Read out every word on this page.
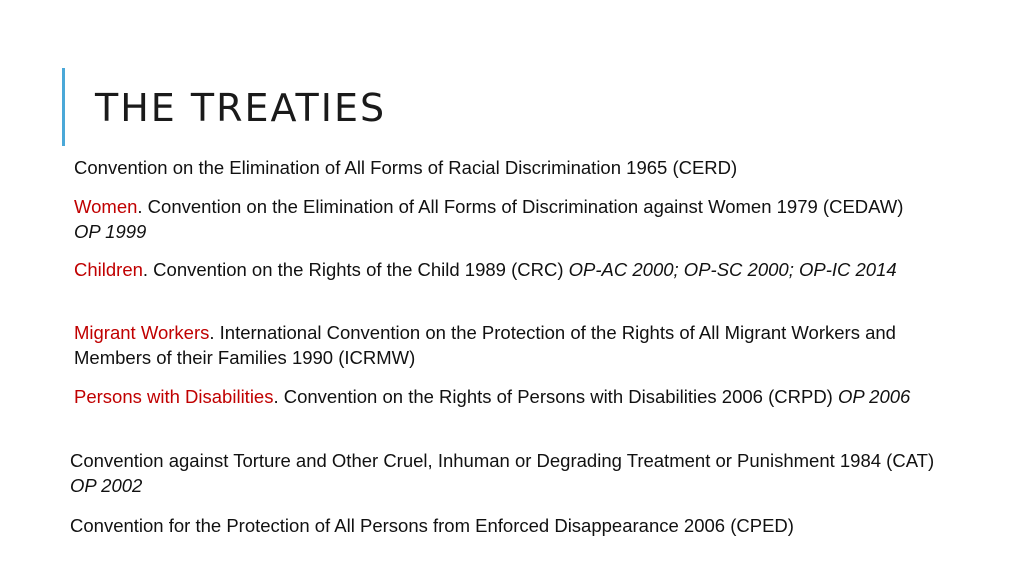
THE TREATIES

Convention on the Elimination of All Forms of Racial Discrimination 1965 (CERD)

Women. Convention on the Elimination of All Forms of Discrimination against Women 1979 (CEDAW) OP 1999

Children. Convention on the Rights of the Child 1989 (CRC) OP-AC 2000; OP-SC 2000; OP-IC 2014

Migrant Workers. International Convention on the Protection of the Rights of All Migrant Workers and Members of their Families 1990 (ICRMW)

Persons with Disabilities. Convention on the Rights of Persons with Disabilities 2006 (CRPD) OP 2006

Convention against Torture and Other Cruel, Inhuman or Degrading Treatment or Punishment 1984 (CAT) OP 2002

Convention for the Protection of All Persons from Enforced Disappearance 2006 (CPED)
